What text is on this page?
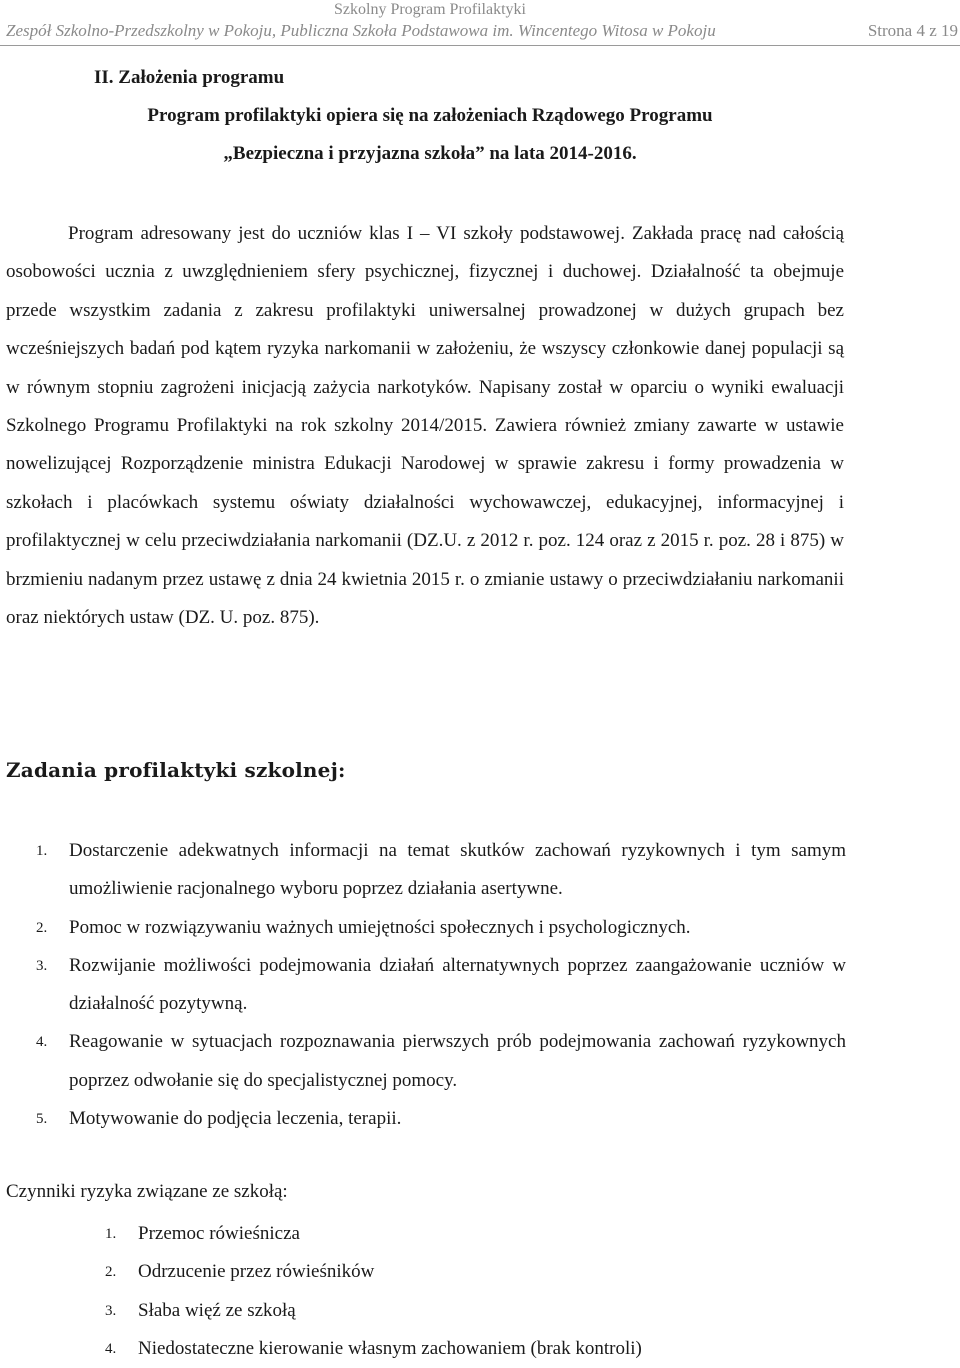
Szkolny Program Profilaktyki
Zespół Szkolno-Przedszkolny w Pokoju, Publiczna Szkoła Podstawowa im. Wincentego Witosa w Pokoju	Strona 4 z 19
II. Założenia programu
Program profilaktyki opiera się na założeniach Rządowego Programu
„Bezpieczna i przyjazna szkoła” na lata 2014-2016.

Program adresowany jest do uczniów klas I – VI szkoły podstawowej. Zakłada pracę nad całością osobowości ucznia z uwzględnieniem sfery psychicznej, fizycznej i duchowej. Działalność ta obejmuje przede wszystkim zadania z zakresu profilaktyki uniwersalnej prowadzonej w dużych grupach bez wcześniejszych badań pod kątem ryzyka narkomanii w założeniu, że wszyscy członkowie danej populacji są w równym stopniu zagrożeni inicjacją zażycia narkotyków. Napisany został w oparciu o wyniki ewaluacji Szkolnego Programu Profilaktyki na rok szkolny 2014/2015. Zawiera również zmiany zawarte w ustawie nowelizującej Rozporządzenie ministra Edukacji Narodowej w sprawie zakresu i formy prowadzenia w szkołach i placówkach systemu oświaty działalności wychowawczej, edukacyjnej, informacyjnej i profilaktycznej w celu przeciwdziałania narkomanii (DZ.U. z 2012 r. poz. 124 oraz z 2015 r. poz. 28 i 875) w brzmieniu nadanym przez ustawę z dnia 24 kwietnia 2015 r. o zmianie ustawy o przeciwdziałaniu narkomanii oraz niektórych ustaw (DZ. U. poz. 875).

Zadania profilaktyki szkolnej:
1. Dostarczenie adekwatnych informacji na temat skutków zachowań ryzykownych i tym samym umożliwienie racjonalnego wyboru poprzez działania asertywne.
2. Pomoc w rozwiązywaniu ważnych umiejętności społecznych i psychologicznych.
3. Rozwijanie możliwości podejmowania działań alternatywnych poprzez zaangażowanie uczniów w działalność pozytywną.
4. Reagowanie w sytuacjach rozpoznawania pierwszych prób podejmowania zachowań ryzykownych poprzez odwołanie się do specjalistycznej pomocy.
5. Motywowanie do podjęcia leczenia, terapii.
Czynniki ryzyka związane ze szkołą:
1. Przemoc rówieśnicza
2. Odrzucenie przez rówieśników
3. Słaba więź ze szkołą
4. Niedostateczne kierowanie własnym zachowaniem (brak kontroli)
